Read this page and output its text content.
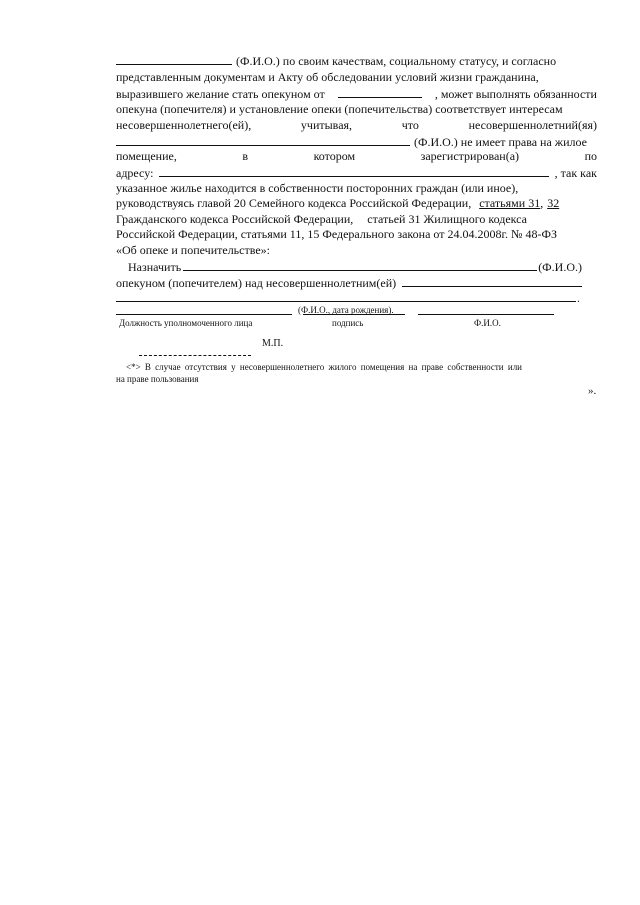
(Ф.И.О.) по своим качествам, социальному статусу, и согласно
представленным документам и Акту об обследовании условий жизни гражданина,
выразившего желание стать опекуном от	, может выполнять обязанности
опекуна (попечителя) и установление опеки (попечительства) соответствует интересам
несовершеннолетнего(ей),	учитывая,	что	несовершеннолетний(яя)
(Ф.И.О.) не имеет права на жилое
помещение,	в	котором	зарегистрирован(а)	по
адресу:	, так как
указанное жилье находится в собственности посторонних граждан (или иное),
руководствуясь главой 20 Семейного кодекса Российской Федерации, статьями 31 , 32
Гражданского кодекса Российской Федерации, статьей 31 Жилищного кодекса
Российской Федерации, статьями 11, 15 Федерального закона от 24.04.2008г. № 48-ФЗ
«Об опеке и попечительстве»:
Назначить	(Ф.И.О.)
опекуном (попечителем) над несовершеннолетним(ей)
.
(Ф.И.О., дата рождения).
Должность уполномоченного лица	подпись	Ф.И.О.
М.П.
<*> В случае отсутствия у несовершеннолетнего жилого помещения на праве собственности или
на праве пользования
».
